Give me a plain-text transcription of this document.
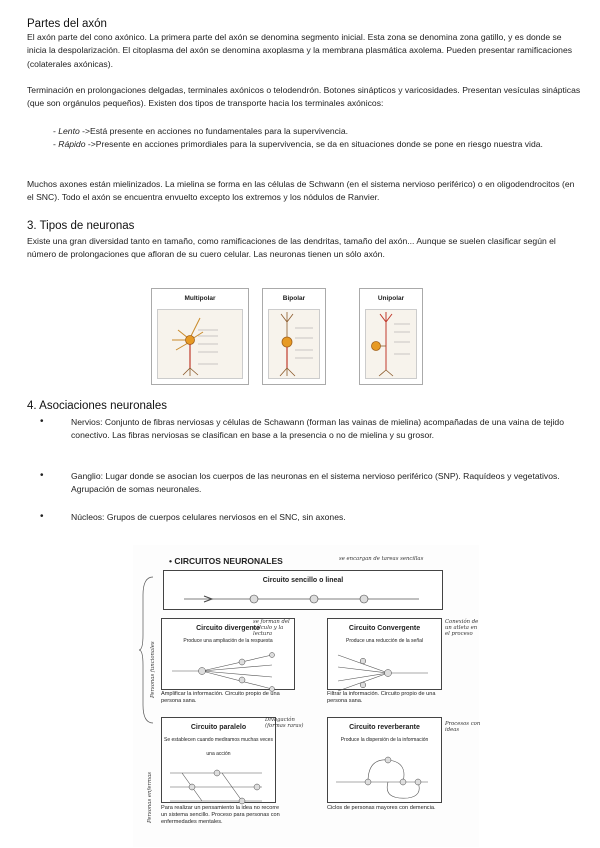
Partes del axón
El axón parte del cono axónico. La primera parte del axón se denomina segmento inicial. Esta zona se denomina zona gatillo, y es donde se inicia la despolarización. El citoplasma del axón se denomina axoplasma y la membrana plasmática axolema. Pueden presentar ramificaciones (colaterales axónicas).
Terminación en prolongaciones delgadas, terminales axónicos o telodendrón. Botones sinápticos y varicosidades. Presentan vesículas sinápticas (que son orgánulos pequeños). Existen dos tipos de transporte hacia los terminales axónicos:
- Lento ->Está presente en acciones no fundamentales para la supervivencia.
- Rápido ->Presente en acciones primordiales para la supervivencia, se da en situaciones donde se pone en riesgo nuestra vida.
Muchos axones están mielinizados. La mielina se forma en las células de Schwann (en el sistema nervioso periférico) o en oligodendrocitos (en el SNC). Todo el axón se encuentra envuelto excepto los extremos y los nódulos de Ranvier.
3. Tipos de neuronas
Existe una gran diversidad tanto en tamaño, como ramificaciones de las dendritas, tamaño del axón... Aunque se suelen clasificar según el número de prolongaciones que afloran de su cuero celular. Las neuronas tienen un sólo axón.
Multipolar	Bipolar	Unipolar
4. Asociaciones neuronales
•	Nervios: Conjunto de fibras nerviosas y células de Schawann (forman las vainas de mielina) acompañadas de una vaina de tejido conectivo. Las fibras nerviosas se clasifican en base a la presencia o no de mielina y su grosor.
•	Ganglio: Lugar donde se asocian los cuerpos de las neuronas en el sistema nervioso periférico (SNP). Raquídeos y vegetativos. Agrupación de somas neuronales.
•	Núcleos: Grupos de cuerpos celulares nerviosos en el SNC, sin axones.
• CIRCUITOS NEURONALES	se encargan de tareas sencillas
Personas funcionales
Personas enfermas
Circuito sencillo o lineal
Circuito divergente
Produce una ampliación de la respuesta
se forman del cálculo y la lectura
Amplificar la información. Circuito propio de una persona sana.
Circuito Convergente
Produce una reducción de la señal
Conexión de un atleta en el proceso
Filtrar la información. Circuito propio de una persona sana.
Circuito paralelo
Se establecen cuando mediramos muchas veces una acción
Divagación (formas raras)
Para realizar un pensamiento la idea no recorre un sistema sencillo. Proceso para personas con enfermedades mentales.
Circuito reverberante
Produce la dispersión de la información
Procesos con ideas
Ciclos de personas mayores con demencia.
